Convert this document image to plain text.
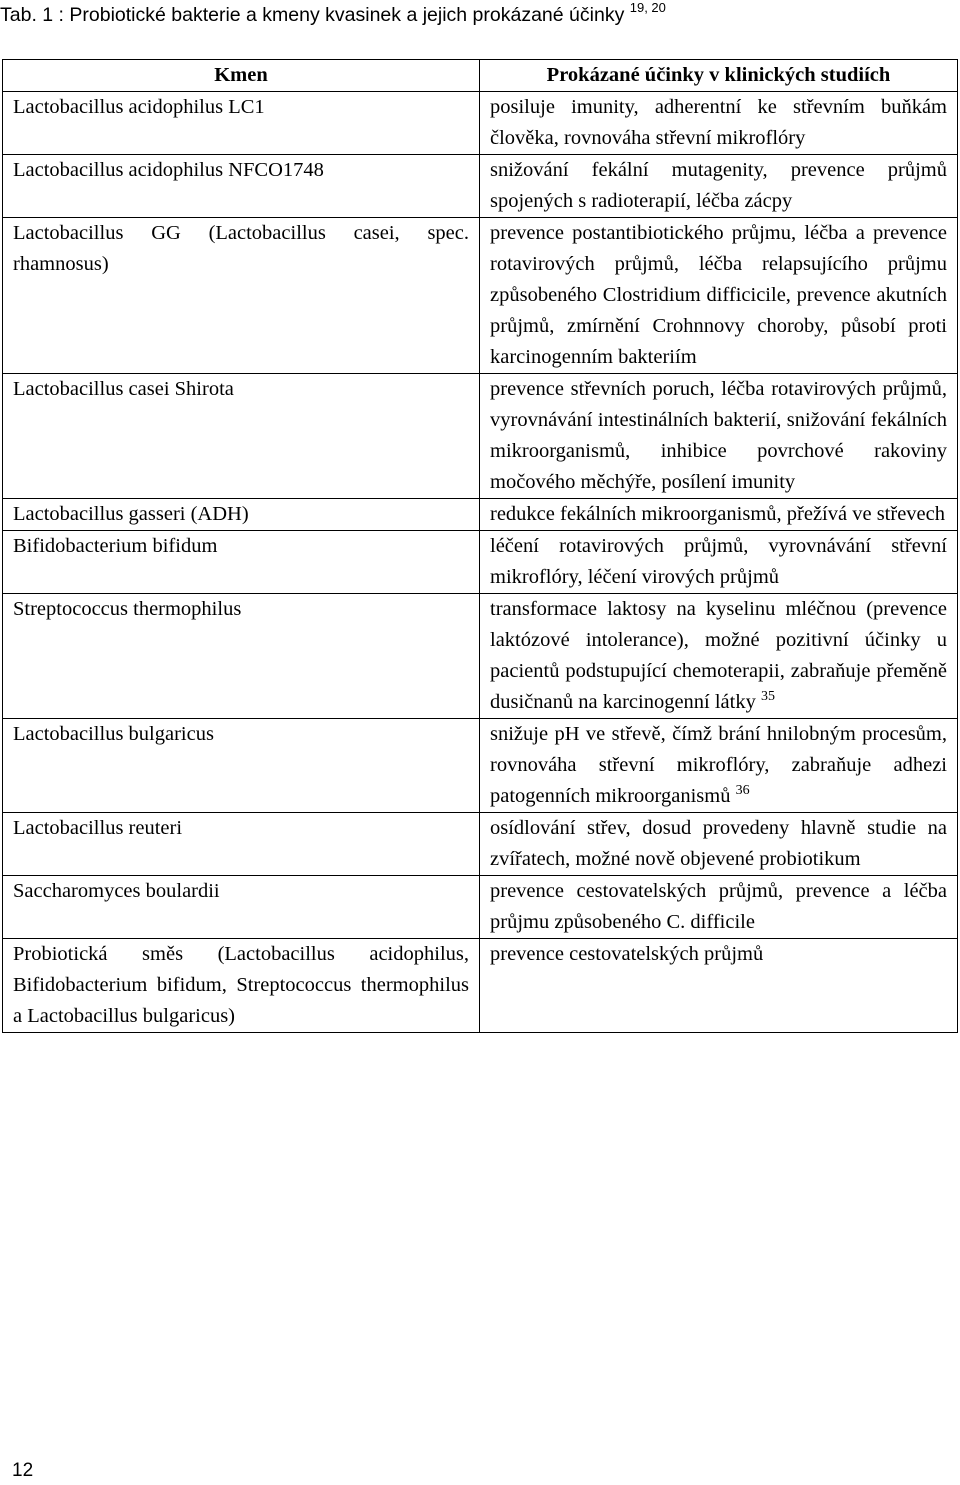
Tab. 1 : Probiotické bakterie a kmeny kvasinek a jejich prokázané účinky $^{19, 20}$
Kmen	Prokázané účinky v klinických studiích
Lactobacillus acidophilus LC1	posiluje imunity, adherentní ke střevním buňkám člověka, rovnováha střevní mikroflóry
Lactobacillus acidophilus NFCO1748	snižování fekální mutagenity, prevence průjmů spojených s radioterapií, léčba zácpy
Lactobacillus GG (Lactobacillus casei, spec. rhamnosus)	prevence postantibiotického průjmu, léčba a prevence rotavirových průjmů, léčba relapsujícího průjmu způsobeného Clostridium difficicile, prevence akutních průjmů, zmírnění Crohnnovy choroby, působí proti karcinogenním bakteriím
Lactobacillus casei Shirota	prevence střevních poruch, léčba rotavirových průjmů, vyrovnávání intestinálních bakterií, snižování fekálních mikroorganismů, inhibice povrchové rakoviny močového měchýře, posílení imunity
Lactobacillus gasseri (ADH)	redukce fekálních mikroorganismů, přežívá ve střevech
Bifidobacterium bifidum	léčení rotavirových průjmů, vyrovnávání střevní mikroflóry, léčení virových průjmů
Streptococcus thermophilus	transformace laktosy na kyselinu mléčnou (prevence laktózové intolerance), možné pozitivní účinky u pacientů podstupující chemoterapii, zabraňuje přeměně dusičnanů na karcinogenní látky $^{35}$
Lactobacillus bulgaricus	snižuje pH ve střevě, čímž brání hnilobným procesům, rovnováha střevní mikroflóry, zabraňuje adhezi patogenních mikroorganismů $^{36}$
Lactobacillus reuteri	osídlování střev, dosud provedeny hlavně studie na zvířatech, možné nově objevené probiotikum
Saccharomyces boulardii	prevence cestovatelských průjmů, prevence a léčba průjmu způsobeného C. difficile
Probiotická směs (Lactobacillus acidophilus, Bifidobacterium bifidum, Streptococcus thermophilus a Lactobacillus bulgaricus)	prevence cestovatelských průjmů
12
